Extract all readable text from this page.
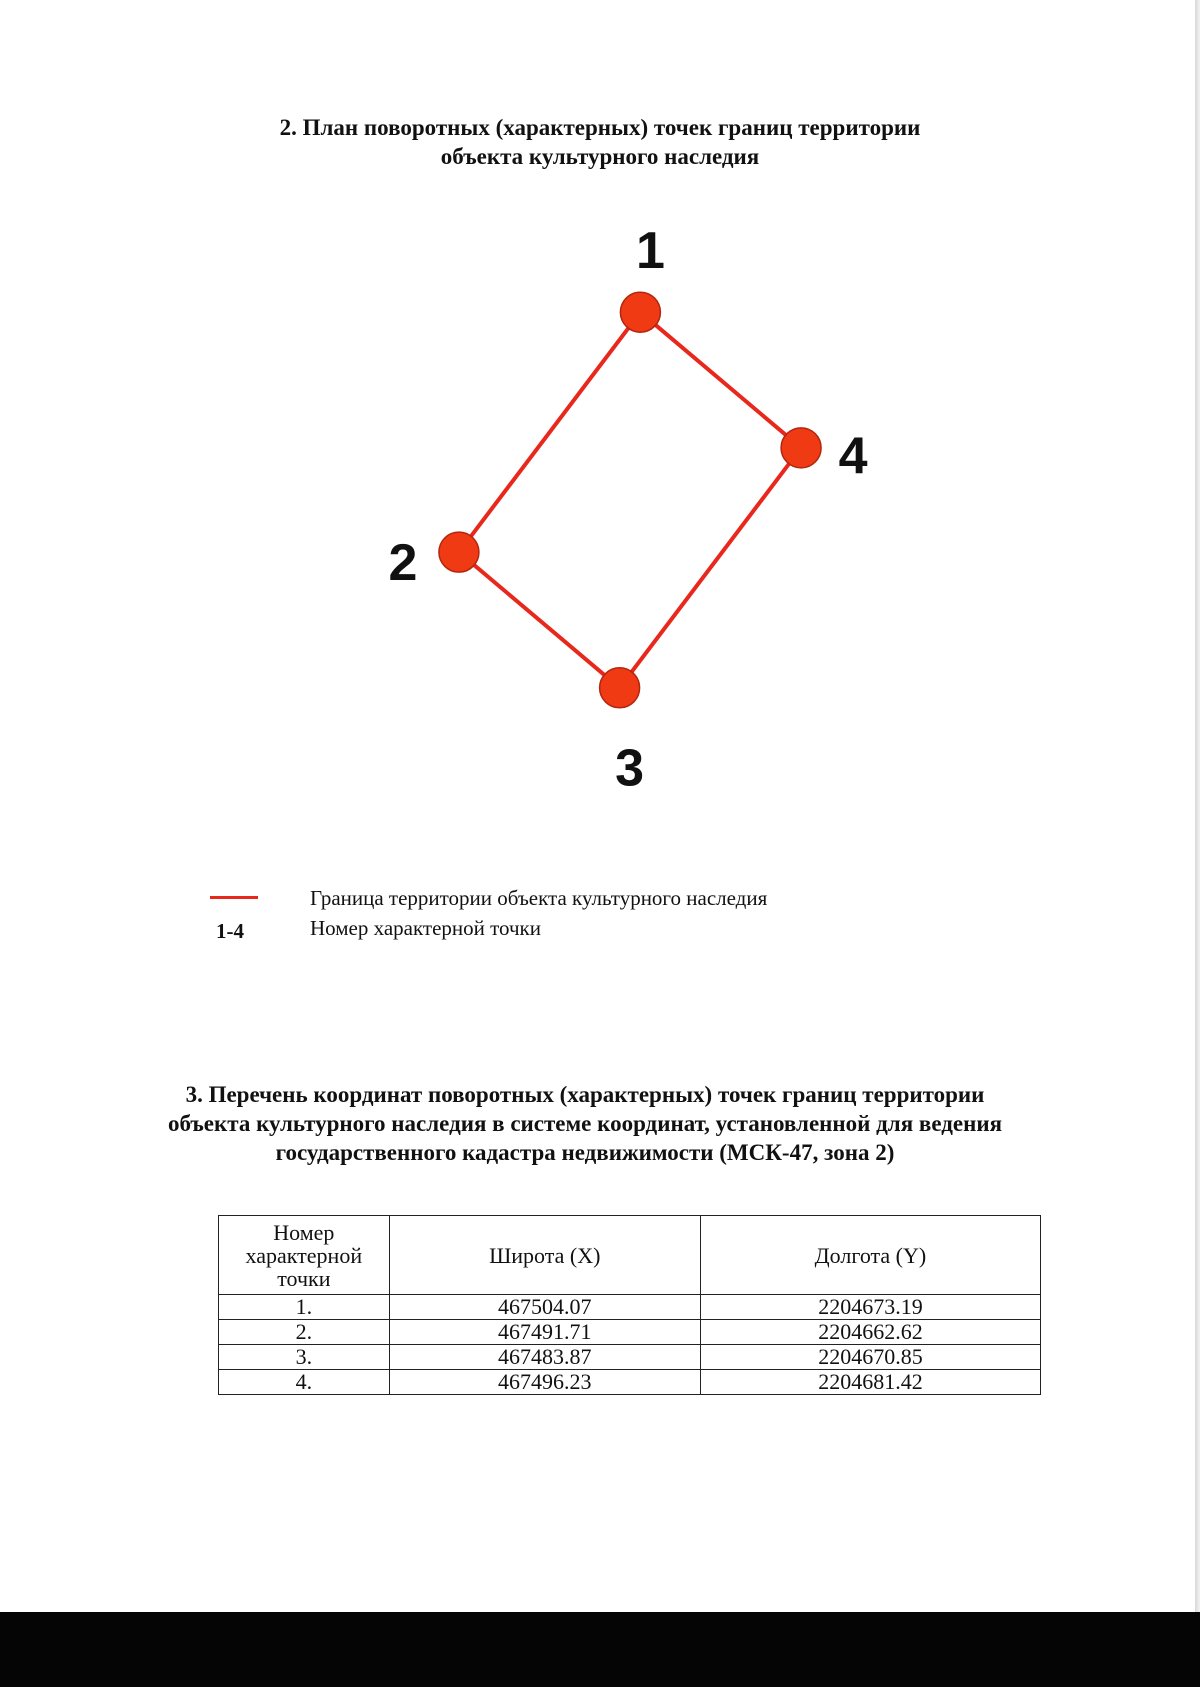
2. План поворотных (характерных) точек границ территории
объекта культурного наследия
1
2
3
4
Граница территории объекта культурного наследия
1-4	Номер характерной точки
3. Перечень координат поворотных (характерных) точек границ территории
объекта культурного наследия в системе координат, установленной для ведения
государственного кадастра недвижимости (МСК-47, зона 2)
Номер характерной точки	Широта (X)	Долгота (Y)
1.	467504.07	2204673.19
2.	467491.71	2204662.62
3.	467483.87	2204670.85
4.	467496.23	2204681.42
